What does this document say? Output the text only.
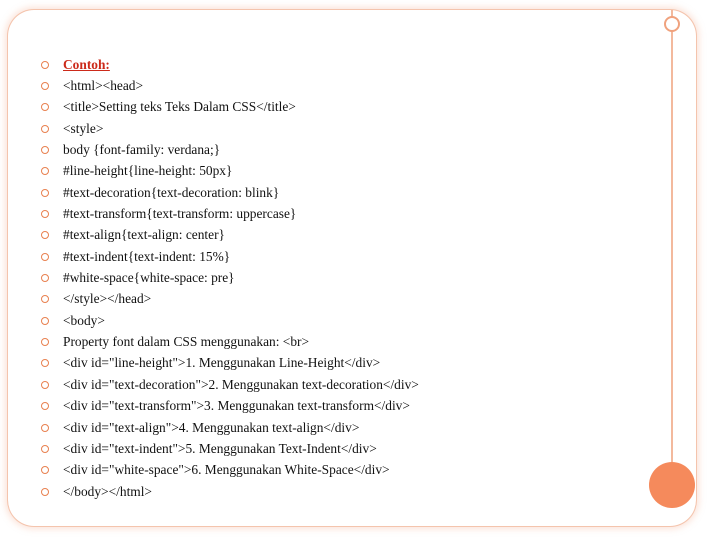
Contoh:
<html><head>
<title>Setting teks Teks Dalam CSS</title>
<style>
body {font-family: verdana;}
#line-height{line-height: 50px}
#text-decoration{text-decoration: blink}
#text-transform{text-transform: uppercase}
#text-align{text-align: center}
#text-indent{text-indent: 15%}
#white-space{white-space: pre}
</style></head>
<body>
Property font dalam CSS menggunakan: <br>
<div id="line-height">1. Menggunakan Line-Height</div>
<div id="text-decoration">2. Menggunakan text-decoration</div>
<div id="text-transform">3. Menggunakan text-transform</div>
<div id="text-align">4. Menggunakan text-align</div>
<div id="text-indent">5. Menggunakan Text-Indent</div>
<div id="white-space">6. Menggunakan White-Space</div>
</body></html>
